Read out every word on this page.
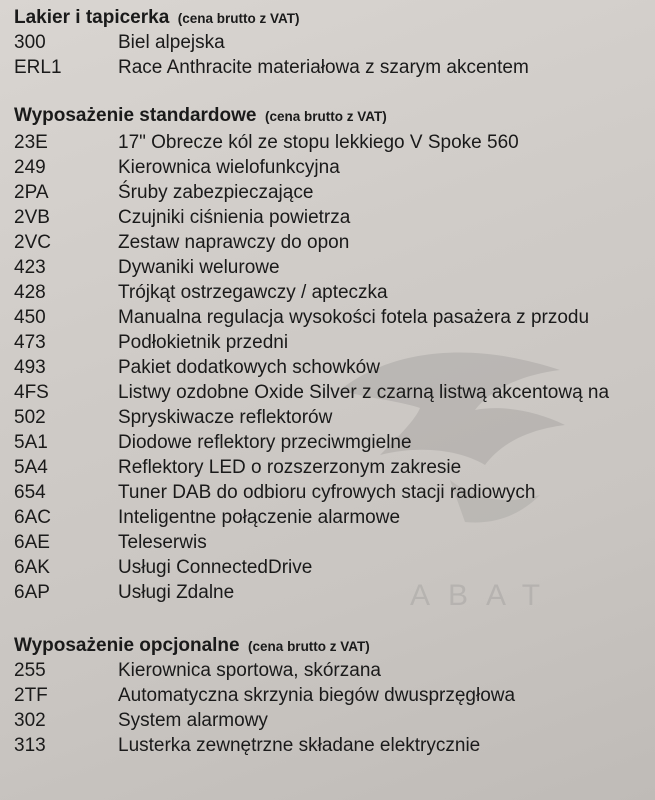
ABAT
Lakier i tapicerka (cena brutto z VAT)
300	Biel alpejska
ERL1	Race Anthracite materiałowa z szarym akcentem
Wyposażenie standardowe (cena brutto z VAT)
23E	17" Obrecze kól ze stopu lekkiego V Spoke 560
249	Kierownica wielofunkcyjna
2PA	Śruby zabezpieczające
2VB	Czujniki ciśnienia powietrza
2VC	Zestaw naprawczy do opon
423	Dywaniki welurowe
428	Trójkąt ostrzegawczy / apteczka
450	Manualna regulacja wysokości fotela pasażera z przodu
473	Podłokietnik przedni
493	Pakiet dodatkowych schowków
4FS	Listwy ozdobne Oxide Silver z czarną listwą akcentową na
502	Spryskiwacze reflektorów
5A1	Diodowe reflektory przeciwmgielne
5A4	Reflektory LED o rozszerzonym zakresie
654	Tuner DAB do odbioru cyfrowych stacji radiowych
6AC	Inteligentne połączenie alarmowe
6AE	Teleserwis
6AK	Usługi ConnectedDrive
6AP	Usługi Zdalne
Wyposażenie opcjonalne (cena brutto z VAT)
255	Kierownica sportowa, skórzana
2TF	Automatyczna skrzynia biegów dwusprzęgłowa
302	System alarmowy
313	Lusterka zewnętrzne składane elektrycznie
